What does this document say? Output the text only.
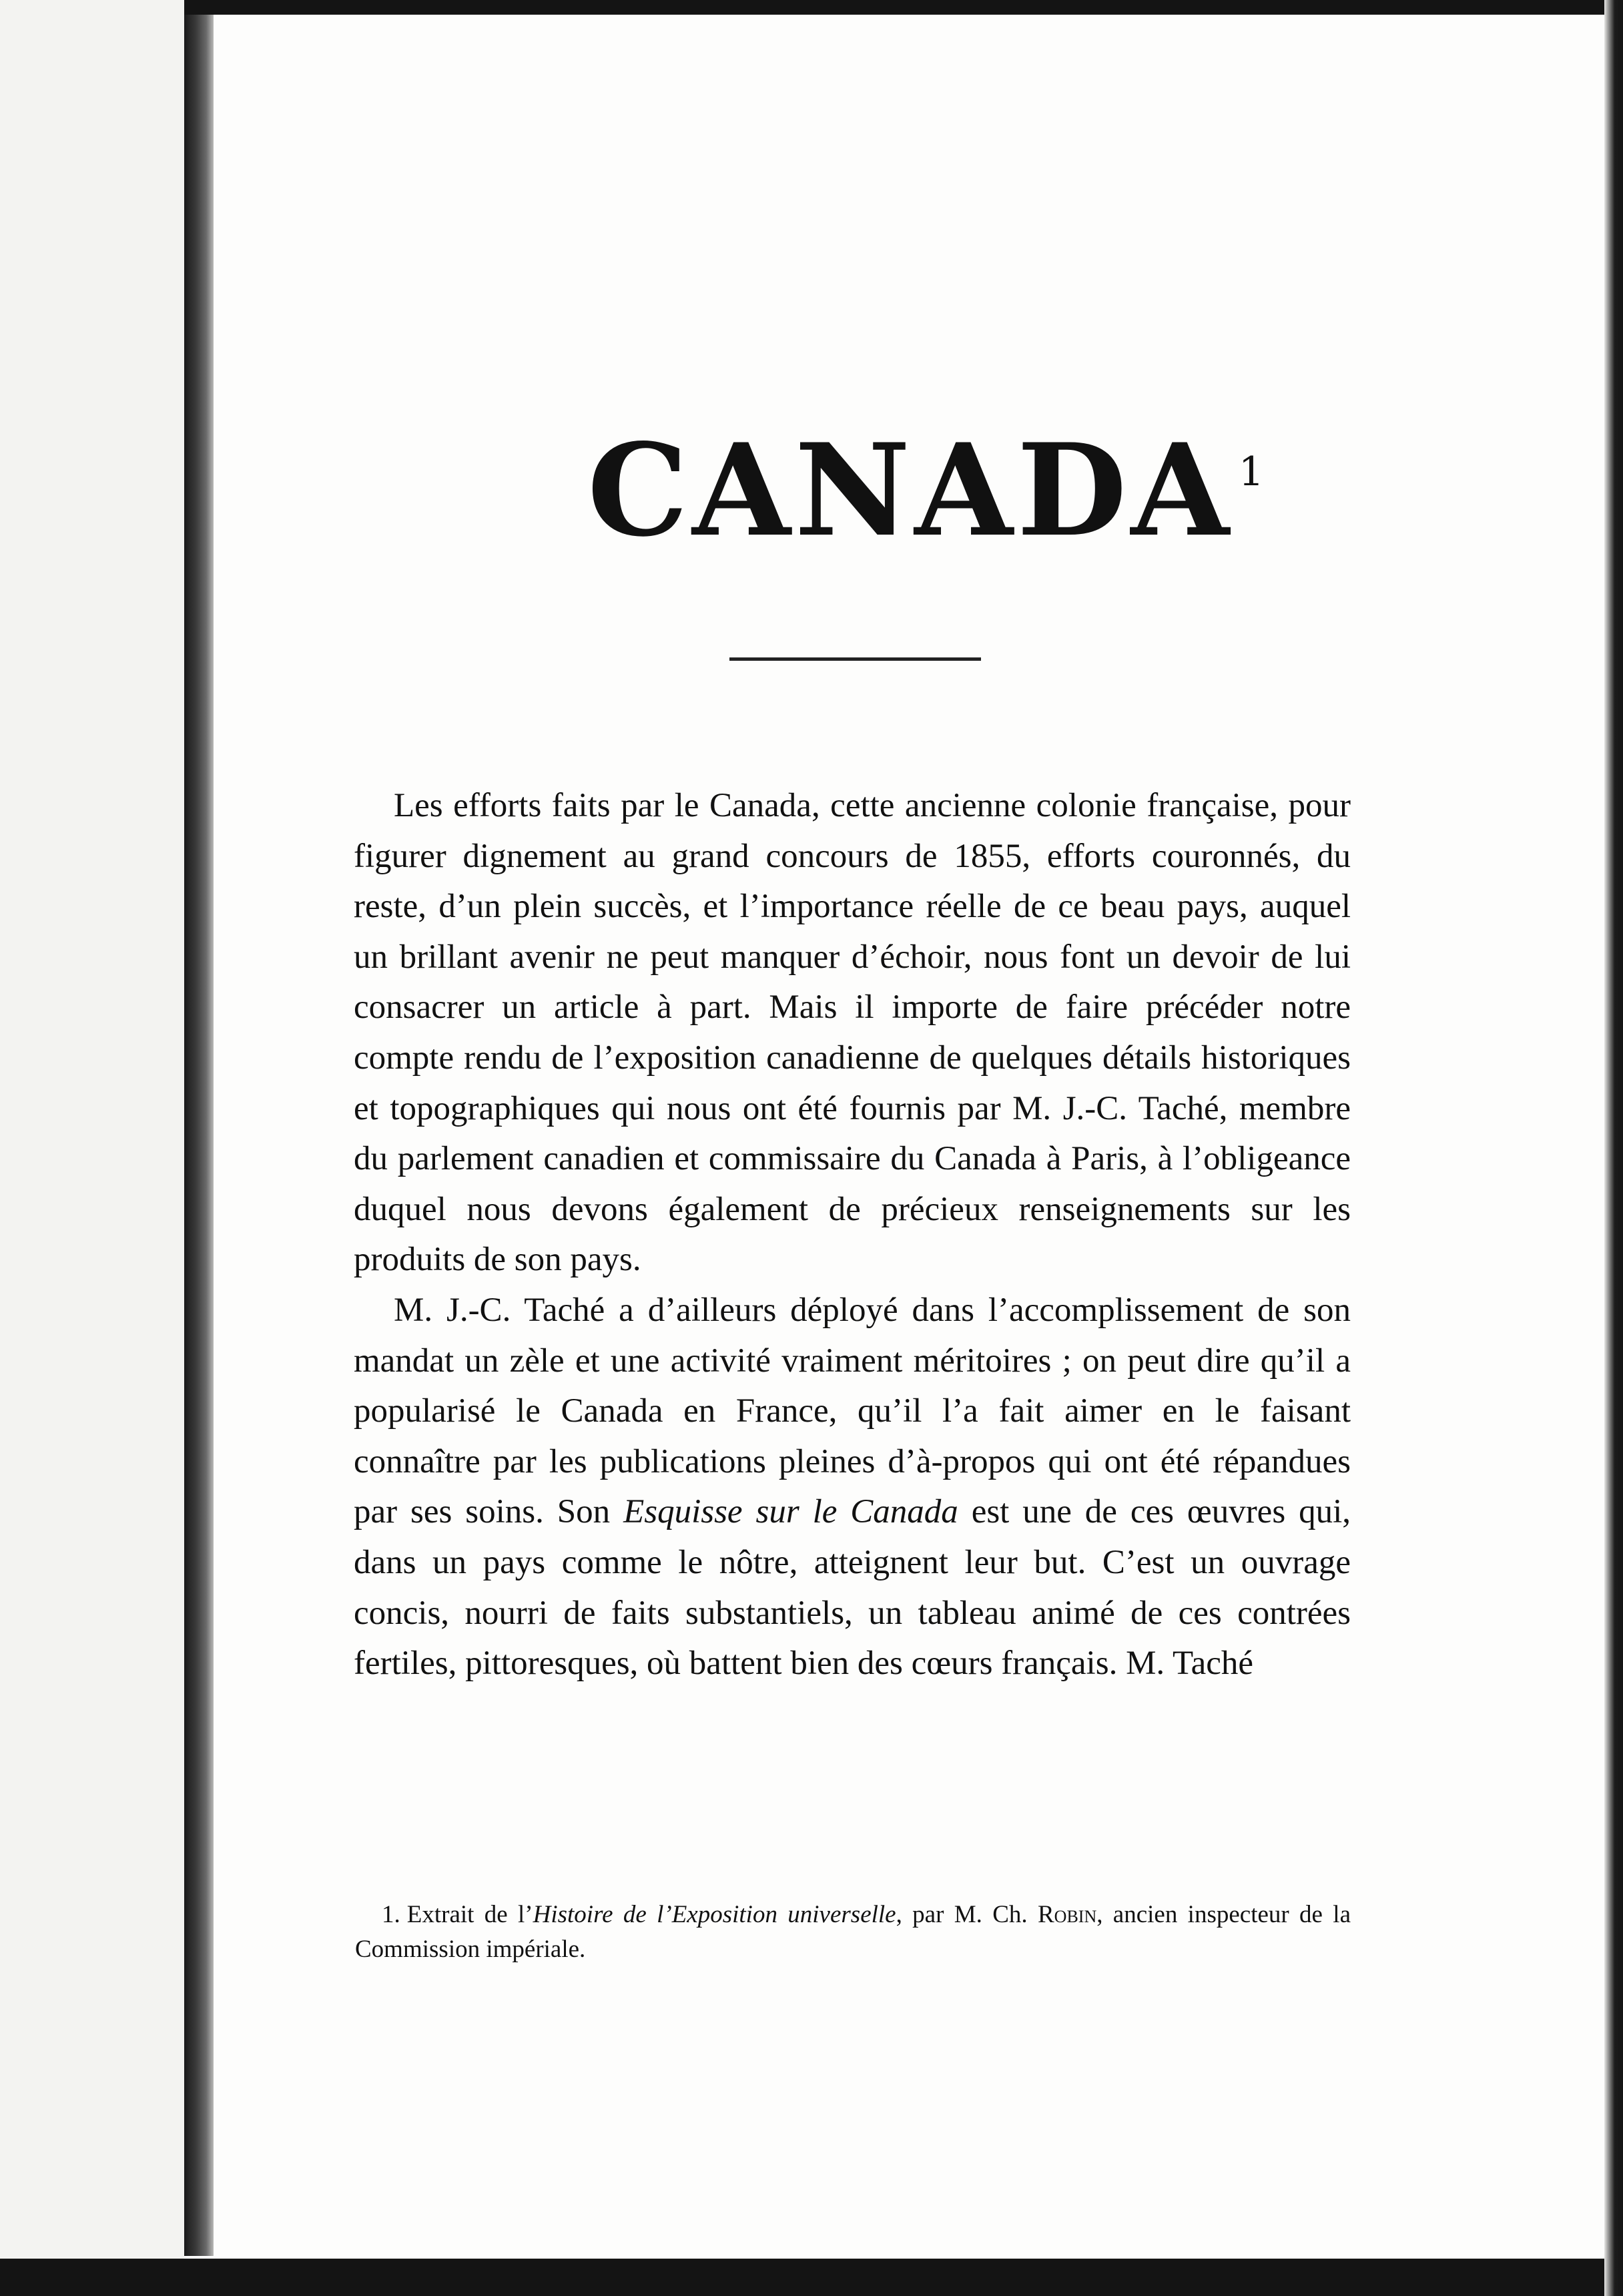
CANADA $^1$

Les efforts faits par le Canada, cette ancienne colonie française, pour figurer dignement au grand concours de 1855, efforts couronnés, du reste, d’un plein succès, et l’importance réelle de ce beau pays, auquel un brillant avenir ne peut manquer d’échoir, nous font un devoir de lui consacrer un article à part. Mais il importe de faire précéder notre compte rendu de l’exposition canadienne de quelques détails historiques et topographiques qui nous ont été fournis par M. J.-C. Taché, membre du parlement canadien et commissaire du Canada à Paris, à l’obligeance duquel nous devons également de précieux renseignements sur les produits de son pays.

M. J.-C. Taché a d’ailleurs déployé dans l’accomplissement de son mandat un zèle et une activité vraiment méritoires ; on peut dire qu’il a popularisé le Canada en France, qu’il l’a fait aimer en le faisant connaître par les publications pleines d’à-propos qui ont été répandues par ses soins. Son Esquisse sur le Canada est une de ces œuvres qui, dans un pays comme le nôtre, atteignent leur but. C’est un ouvrage concis, nourri de faits substantiels, un tableau animé de ces contrées fertiles, pittoresques, où battent bien des cœurs français. M. Taché

1. Extrait de l’Histoire de l’Exposition universelle, par M. Ch. Robin, ancien inspecteur de la Commission impériale.
